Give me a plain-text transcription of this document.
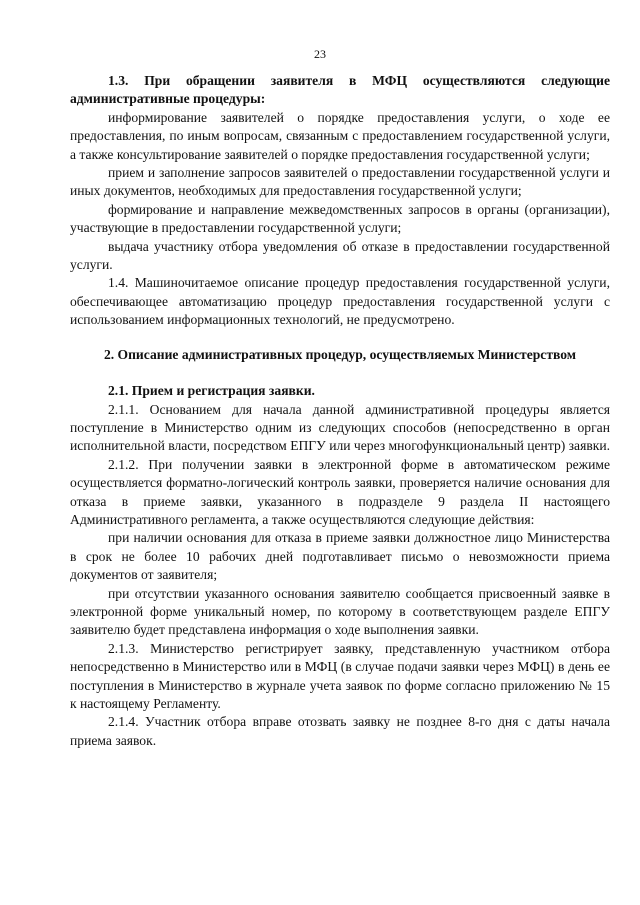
23

1.3. При обращении заявителя в МФЦ осуществляются следующие административные процедуры:

информирование заявителей о порядке предоставления услуги, о ходе ее предоставления, по иным вопросам, связанным с предоставлением государственной услуги, а также консультирование заявителей о порядке предоставления государственной услуги;

прием и заполнение запросов заявителей о предоставлении государственной услуги и иных документов, необходимых для предоставления государственной услуги;

формирование и направление межведомственных запросов в органы (организации), участвующие в предоставлении государственной услуги;

выдача участнику отбора уведомления об отказе в предоставлении государственной услуги.

1.4. Машиночитаемое описание процедур предоставления государственной услуги, обеспечивающее автоматизацию процедур предоставления государственной услуги с использованием информационных технологий, не предусмотрено.

2. Описание административных процедур, осуществляемых Министерством

2.1. Прием и регистрация заявки.

2.1.1. Основанием для начала данной административной процедуры является поступление в Министерство одним из следующих способов (непосредственно в орган исполнительной власти, посредством ЕПГУ или через многофункциональный центр) заявки.

2.1.2. При получении заявки в электронной форме в автоматическом режиме осуществляется форматно-логический контроль заявки, проверяется наличие основания для отказа в приеме заявки, указанного в подразделе 9 раздела II настоящего Административного регламента, а также осуществляются следующие действия:

при наличии основания для отказа в приеме заявки должностное лицо Министерства в срок не более 10 рабочих дней подготавливает письмо о невозможности приема документов от заявителя;

при отсутствии указанного основания заявителю сообщается присвоенный заявке в электронной форме уникальный номер, по которому в соответствующем разделе ЕПГУ заявителю будет представлена информация о ходе выполнения заявки.

2.1.3. Министерство регистрирует заявку, представленную участником отбора непосредственно в Министерство или в МФЦ (в случае подачи заявки через МФЦ) в день ее поступления в Министерство в журнале учета заявок по форме согласно приложению № 15 к настоящему Регламенту.

2.1.4. Участник отбора вправе отозвать заявку не позднее 8-го дня с даты начала приема заявок.
